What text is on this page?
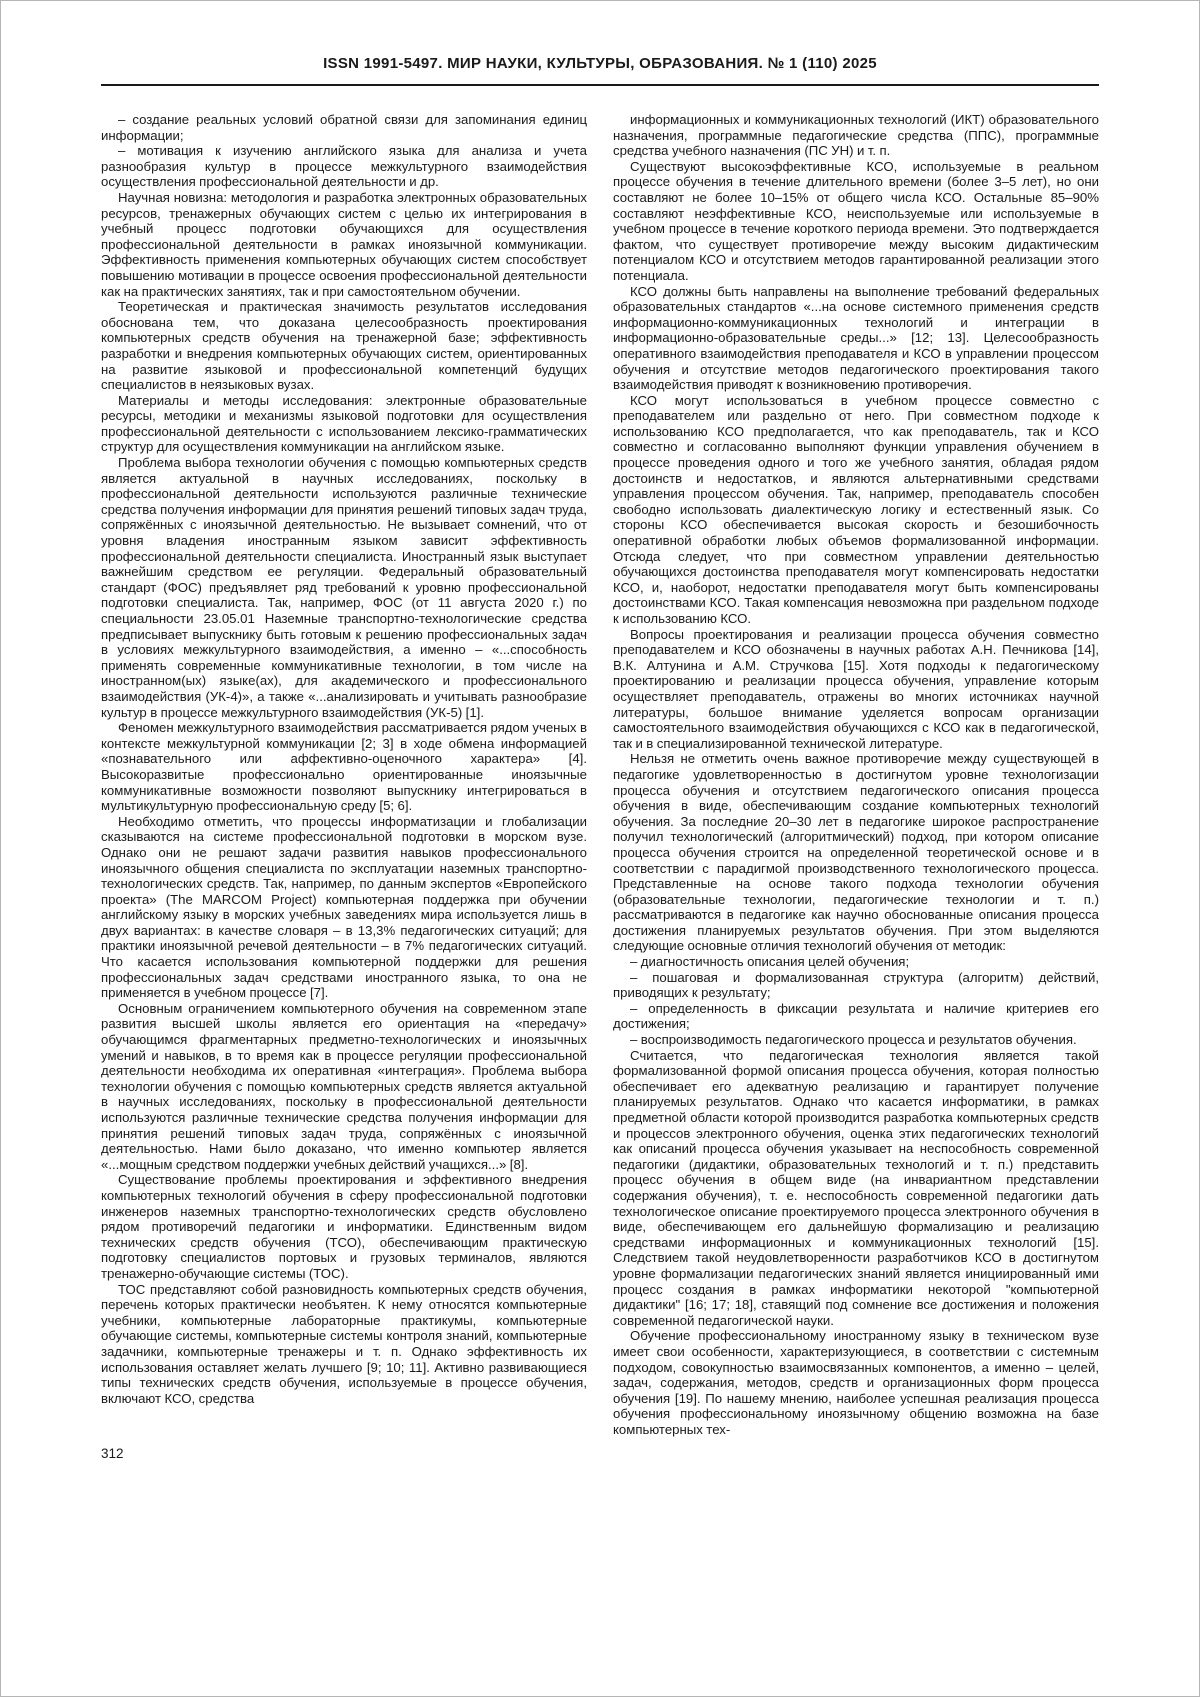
ISSN 1991-5497. МИР НАУКИ, КУЛЬТУРЫ, ОБРАЗОВАНИЯ. № 1 (110) 2025

– создание реальных условий обратной связи для запоминания единиц информации;

– мотивация к изучению английского языка для анализа и учета разнообразия культур в процессе межкультурного взаимодействия осуществления профессиональной деятельности и др.

Научная новизна: методология и разработка электронных образовательных ресурсов, тренажерных обучающих систем с целью их интегрирования в учебный процесс подготовки обучающихся для осуществления профессиональной деятельности в рамках иноязычной коммуникации. Эффективность применения компьютерных обучающих систем способствует повышению мотивации в процессе освоения профессиональной деятельности как на практических занятиях, так и при самостоятельном обучении.

Теоретическая и практическая значимость результатов исследования обоснована тем, что доказана целесообразность проектирования компьютерных средств обучения на тренажерной базе; эффективность разработки и внедрения компьютерных обучающих систем, ориентированных на развитие языковой и профессиональной компетенций будущих специалистов в неязыковых вузах.

Материалы и методы исследования: электронные образовательные ресурсы, методики и механизмы языковой подготовки для осуществления профессиональной деятельности с использованием лексико-грамматических структур для осуществления коммуникации на английском языке.

Проблема выбора технологии обучения с помощью компьютерных средств является актуальной в научных исследованиях, поскольку в профессиональной деятельности используются различные технические средства получения информации для принятия решений типовых задач труда, сопряжённых с иноязычной деятельностью. Не вызывает сомнений, что от уровня владения иностранным языком зависит эффективность профессиональной деятельности специалиста. Иностранный язык выступает важнейшим средством ее регуляции. Федеральный образовательный стандарт (ФОС) предъявляет ряд требований к уровню профессиональной подготовки специалиста. Так, например, ФОС (от 11 августа 2020 г.) по специальности 23.05.01 Наземные транспортно-технологические средства предписывает выпускнику быть готовым к решению профессиональных задач в условиях межкультурного взаимодействия, а именно – «...способность применять современные коммуникативные технологии, в том числе на иностранном(ых) языке(ах), для академического и профессионального взаимодействия (УК-4)», а также «...анализировать и учитывать разнообразие культур в процессе межкультурного взаимодействия (УК-5) [1].

Феномен межкультурного взаимодействия рассматривается рядом ученых в контексте межкультурной коммуникации [2; 3] в ходе обмена информацией «познавательного или аффективно-оценочного характера» [4]. Высокоразвитые профессионально ориентированные иноязычные коммуникативные возможности позволяют выпускнику интегрироваться в мультикультурную профессиональную среду [5; 6].

Необходимо отметить, что процессы информатизации и глобализации сказываются на системе профессиональной подготовки в морском вузе. Однако они не решают задачи развития навыков профессионального иноязычного общения специалиста по эксплуатации наземных транспортно-технологических средств. Так, например, по данным экспертов «Европейского проекта» (The MARCOM Project) компьютерная поддержка при обучении английскому языку в морских учебных заведениях мира используется лишь в двух вариантах: в качестве словаря – в 13,3% педагогических ситуаций; для практики иноязычной речевой деятельности – в 7% педагогических ситуаций. Что касается использования компьютерной поддержки для решения профессиональных задач средствами иностранного языка, то она не применяется в учебном процессе [7].

Основным ограничением компьютерного обучения на современном этапе развития высшей школы является его ориентация на «передачу» обучающимся фрагментарных предметно-технологических и иноязычных умений и навыков, в то время как в процессе регуляции профессиональной деятельности необходима их оперативная «интеграция». Проблема выбора технологии обучения с помощью компьютерных средств является актуальной в научных исследованиях, поскольку в профессиональной деятельности используются различные технические средства получения информации для принятия решений типовых задач труда, сопряжённых с иноязычной деятельностью. Нами было доказано, что именно компьютер является «...мощным средством поддержки учебных действий учащихся...» [8].

Существование проблемы проектирования и эффективного внедрения компьютерных технологий обучения в сферу профессиональной подготовки инженеров наземных транспортно-технологических средств обусловлено рядом противоречий педагогики и информатики. Единственным видом технических средств обучения (ТСО), обеспечивающим практическую подготовку специалистов портовых и грузовых терминалов, являются тренажерно-обучающие системы (ТОС).

ТОС представляют собой разновидность компьютерных средств обучения, перечень которых практически необъятен. К нему относятся компьютерные учебники, компьютерные лабораторные практикумы, компьютерные обучающие системы, компьютерные системы контроля знаний, компьютерные задачники, компьютерные тренажеры и т. п. Однако эффективность их использования оставляет желать лучшего [9; 10; 11]. Активно развивающиеся типы технических средств обучения, используемые в процессе обучения, включают КСО, средства

информационных и коммуникационных технологий (ИКТ) образовательного назначения, программные педагогические средства (ППС), программные средства учебного назначения (ПС УН) и т. п.

Существуют высокоэффективные КСО, используемые в реальном процессе обучения в течение длительного времени (более 3–5 лет), но они составляют не более 10–15% от общего числа КСО. Остальные 85–90% составляют неэффективные КСО, неиспользуемые или используемые в учебном процессе в течение короткого периода времени. Это подтверждается фактом, что существует противоречие между высоким дидактическим потенциалом КСО и отсутствием методов гарантированной реализации этого потенциала.

КСО должны быть направлены на выполнение требований федеральных образовательных стандартов «...на основе системного применения средств информационно-коммуникационных технологий и интеграции в информационно-образовательные среды...» [12; 13]. Целесообразность оперативного взаимодействия преподавателя и КСО в управлении процессом обучения и отсутствие методов педагогического проектирования такого взаимодействия приводят к возникновению противоречия.

КСО могут использоваться в учебном процессе совместно с преподавателем или раздельно от него. При совместном подходе к использованию КСО предполагается, что как преподаватель, так и КСО совместно и согласованно выполняют функции управления обучением в процессе проведения одного и того же учебного занятия, обладая рядом достоинств и недостатков, и являются альтернативными средствами управления процессом обучения. Так, например, преподаватель способен свободно использовать диалектическую логику и естественный язык. Со стороны КСО обеспечивается высокая скорость и безошибочность оперативной обработки любых объемов формализованной информации. Отсюда следует, что при совместном управлении деятельностью обучающихся достоинства преподавателя могут компенсировать недостатки КСО, и, наоборот, недостатки преподавателя могут быть компенсированы достоинствами КСО. Такая компенсация невозможна при раздельном подходе к использованию КСО.

Вопросы проектирования и реализации процесса обучения совместно преподавателем и КСО обозначены в научных работах А.Н. Печникова [14], В.К. Алтунина и А.М. Стручкова [15]. Хотя подходы к педагогическому проектированию и реализации процесса обучения, управление которым осуществляет преподаватель, отражены во многих источниках научной литературы, большое внимание уделяется вопросам организации самостоятельного взаимодействия обучающихся с КСО как в педагогической, так и в специализированной технической литературе.

Нельзя не отметить очень важное противоречие между существующей в педагогике удовлетворенностью в достигнутом уровне технологизации процесса обучения и отсутствием педагогического описания процесса обучения в виде, обеспечивающим создание компьютерных технологий обучения. За последние 20–30 лет в педагогике широкое распространение получил технологический (алгоритмический) подход, при котором описание процесса обучения строится на определенной теоретической основе и в соответствии с парадигмой производственного технологического процесса. Представленные на основе такого подхода технологии обучения (образовательные технологии, педагогические технологии и т. п.) рассматриваются в педагогике как научно обоснованные описания процесса достижения планируемых результатов обучения. При этом выделяются следующие основные отличия технологий обучения от методик:

– диагностичность описания целей обучения;

– пошаговая и формализованная структура (алгоритм) действий, приводящих к результату;

– определенность в фиксации результата и наличие критериев его достижения;

– воспроизводимость педагогического процесса и результатов обучения.

Считается, что педагогическая технология является такой формализованной формой описания процесса обучения, которая полностью обеспечивает его адекватную реализацию и гарантирует получение планируемых результатов. Однако что касается информатики, в рамках предметной области которой производится разработка компьютерных средств и процессов электронного обучения, оценка этих педагогических технологий как описаний процесса обучения указывает на неспособность современной педагогики (дидактики, образовательных технологий и т. п.) представить процесс обучения в общем виде (на инвариантном представлении содержания обучения), т. е. неспособность современной педагогики дать технологическое описание проектируемого процесса электронного обучения в виде, обеспечивающем его дальнейшую формализацию и реализацию средствами информационных и коммуникационных технологий [15]. Следствием такой неудовлетворенности разработчиков КСО в достигнутом уровне формализации педагогических знаний является инициированный ими процесс создания в рамках информатики некоторой "компьютерной дидактики" [16; 17; 18], ставящий под сомнение все достижения и положения современной педагогической науки.

Обучение профессиональному иностранному языку в техническом вузе имеет свои особенности, характеризующиеся, в соответствии с системным подходом, совокупностью взаимосвязанных компонентов, а именно – целей, задач, содержания, методов, средств и организационных форм процесса обучения [19]. По нашему мнению, наиболее успешная реализация процесса обучения профессиональному иноязычному общению возможна на базе компьютерных тех-

312
